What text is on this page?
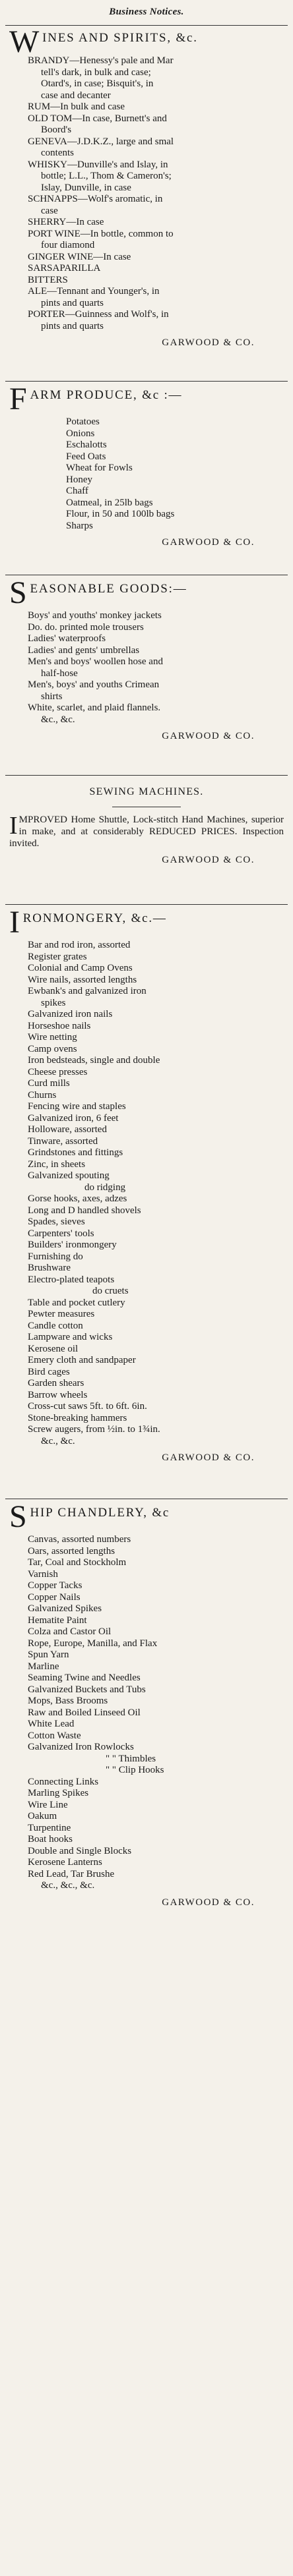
Business Notices.
W INES AND SPIRITS, &c.
BRANDY—Henessy's pale and Mar
tell's dark, in bulk and case;
Otard's, in case; Bisquit's, in
case and decanter
RUM—In bulk and case
OLD TOM—In case, Burnett's and
Boord's
GENEVA—J.D.K.Z., large and smal
contents
WHISKY—Dunville's and Islay, in
bottle; L.L., Thom & Cameron's;
Islay, Dunville, in case
SCHNAPPS—Wolf's aromatic, in
case
SHERRY—In case
PORT WINE—In bottle, common to
four diamond
GINGER WINE—In case
SARSAPARILLA
BITTERS
ALE—Tennant and Younger's, in
pints and quarts
PORTER—Guinness and Wolf's, in
pints and quarts
GARWOOD & CO.
F ARM PRODUCE, &c :—
Potatoes
Onions
Eschalotts
Feed Oats
Wheat for Fowls
Honey
Chaff
Oatmeal, in 25lb bags
Flour, in 50 and 100lb bags
Sharps
GARWOOD & CO.
S EASONABLE GOODS:—
Boys' and youths' monkey jackets
Do. do. printed mole trousers
Ladies' waterproofs
Ladies' and gents' umbrellas
Men's and boys' woollen hose and
half-hose
Men's, boys' and youths Crimean
shirts
White, scarlet, and plaid flannels.
&c., &c.
GARWOOD & CO.
SEWING MACHINES.
IMPROVED Home Shuttle, Lock-stitch Hand Machines, superior in make, and at considerably REDUCED PRICES. Inspection invited.
GARWOOD & CO.
I RONMONGERY, &c.—
Bar and rod iron, assorted
Register grates
Colonial and Camp Ovens
Wire nails, assorted lengths
Ewbank's and galvanized iron
spikes
Galvanized iron nails
Horseshoe nails
Wire netting
Camp ovens
Iron bedsteads, single and double
Cheese presses
Curd mills
Churns
Fencing wire and staples
Galvanized iron, 6 feet
Holloware, assorted
Tinware, assorted
Grindstones and fittings
Zinc, in sheets
Galvanized spouting
do ridging
Gorse hooks, axes, adzes
Long and D handled shovels
Spades, sieves
Carpenters' tools
Builders' ironmongery
Furnishing do
Brushware
Electro-plated teapots
do cruets
Table and pocket cutlery
Pewter measures
Candle cotton
Lampware and wicks
Kerosene oil
Emery cloth and sandpaper
Bird cages
Garden shears
Barrow wheels
Cross-cut saws 5ft. to 6ft. 6in.
Stone-breaking hammers
Screw augers, from ½in. to 1¾in.
&c., &c.
GARWOOD & CO.
S HIP CHANDLERY, &c
Canvas, assorted numbers
Oars, assorted lengths
Tar, Coal and Stockholm
Varnish
Copper Tacks
Copper Nails
Galvanized Spikes
Hematite Paint
Colza and Castor Oil
Rope, Europe, Manilla, and Flax
Spun Yarn
Marline
Seaming Twine and Needles
Galvanized Buckets and Tubs
Mops, Bass Brooms
Raw and Boiled Linseed Oil
White Lead
Cotton Waste
Galvanized Iron Rowlocks
" " Thimbles
" " Clip Hooks
Connecting Links
Marling Spikes
Wire Line
Oakum
Turpentine
Boat hooks
Double and Single Blocks
Kerosene Lanterns
Red Lead, Tar Brushe
&c., &c., &c.
GARWOOD & CO.
